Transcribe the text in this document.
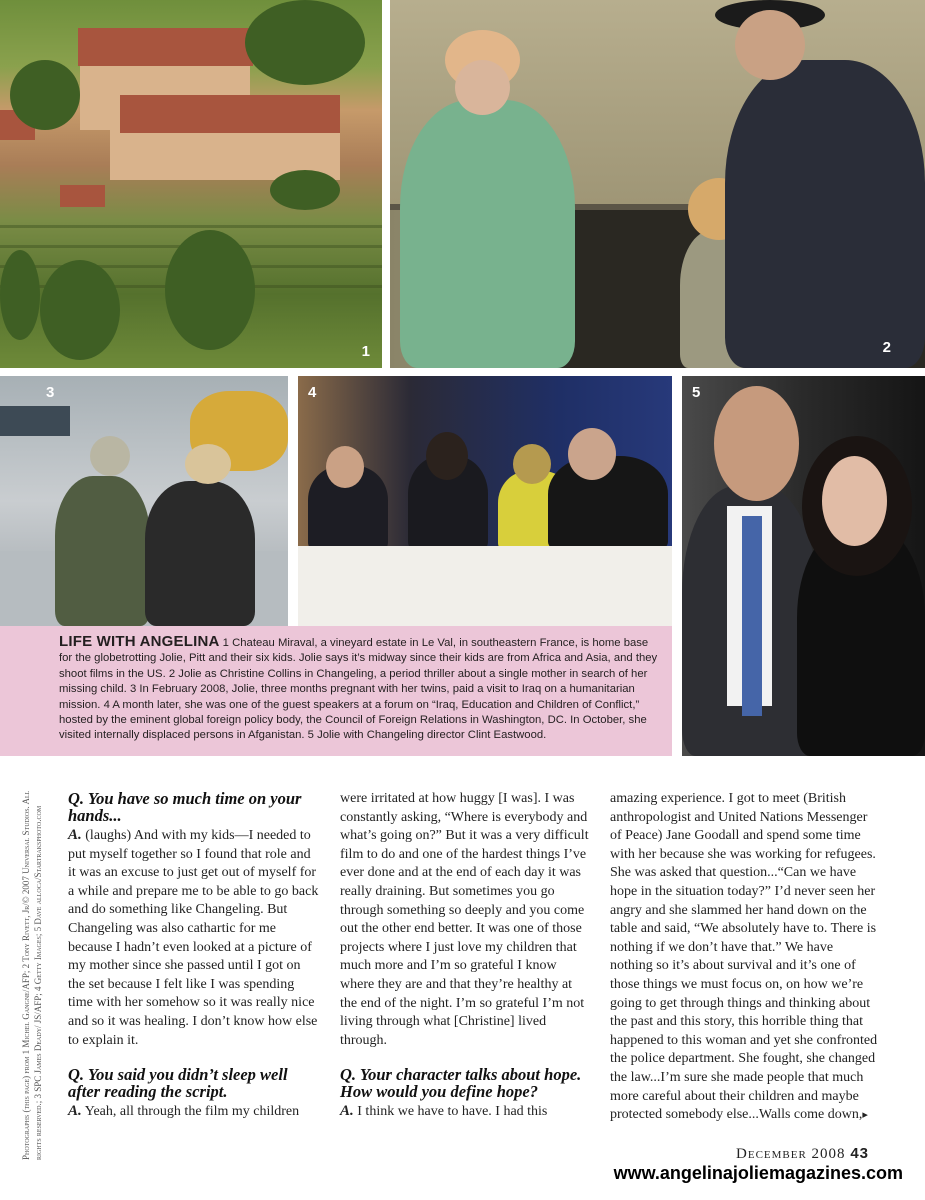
1	2
3	4	5
LIFE WITH ANGELINA 1 Chateau Miraval, a vineyard estate in Le Val, in southeastern France, is home base for the globetrotting Jolie, Pitt and their six kids. Jolie says it’s midway since their kids are from Africa and Asia, and they shoot films in the US. 2 Jolie as Christine Collins in Changeling, a period thriller about a single mother in search of her missing child. 3 In February 2008, Jolie, three months pregnant with her twins, paid a visit to Iraq on a humanitarian mission. 4 A month later, she was one of the guest speakers at a forum on “Iraq, Education and Children of Conflict,” hosted by the eminent global foreign policy body, the Council of Foreign Relations in Washington, DC. In October, she visited internally displaced persons in Afganistan. 5 Jolie with Changeling director Clint Eastwood.
Photographs (this page) from 1 Michel Gangne/AFP; 2 Tony Rivett, Jr/© 2007 Universal Studios. All rights reserved.; 3 SPC James Deady/ JS/AFP; 4 Getty Images; 5 Dave alloca/Startraksphoto.com
Q. You have so much time on your hands...

A. (laughs) And with my kids—I needed to put myself together so I found that role and it was an excuse to just get out of myself for a while and prepare me to be able to go back and do something like Changeling. But Changeling was also cathartic for me because I hadn’t even looked at a picture of my mother since she passed until I got on the set because I felt like I was spending time with her somehow so it was really nice and so it was healing. I don’t know how else to explain it.

Q. You said you didn’t sleep well after reading the script.

A. Yeah, all through the film my children

were irritated at how huggy [I was]. I was constantly asking, “Where is everybody and what’s going on?” But it was a very difficult film to do and one of the hardest things I’ve ever done and at the end of each day it was really draining. But sometimes you go through something so deeply and you come out the other end better. It was one of those projects where I just love my children that much more and I’m so grateful I know where they are and that they’re healthy at the end of the night. I’m so grateful I’m not living through what [Christine] lived through.

Q. Your character talks about hope. How would you define hope?

A. I think we have to have. I had this

amazing experience. I got to meet (British anthropologist and United Nations Messenger of Peace) Jane Goodall and spend some time with her because she was working for refugees. She was asked that question...“Can we have hope in the situation today?” I’d never seen her angry and she slammed her hand down on the table and said, “We absolutely have to. There is nothing if we don’t have that.” We have nothing so it’s about survival and it’s one of those things we must focus on, on how we’re going to get through things and thinking about the past and this story, this horrible thing that happened to this woman and yet she confronted the police department. She fought, she changed the law...I’m sure she made people that much more careful about their children and maybe protected somebody else...Walls come down,▸

December 2008 43
www.angelinajoliemagazines.com
